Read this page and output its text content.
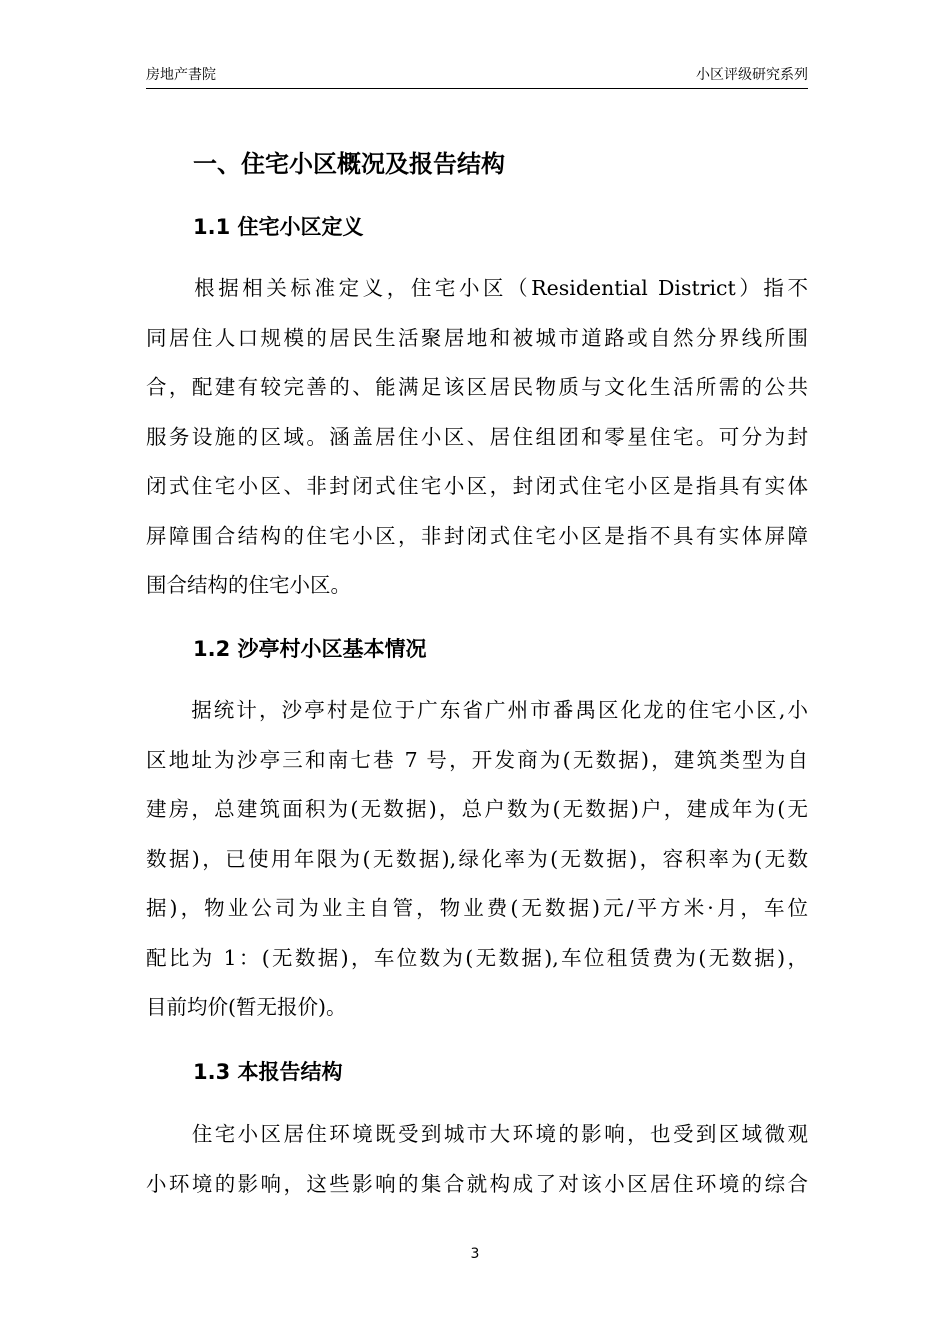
房地产書院	小区评级研究系列
一、住宅小区概况及报告结构
1.1 住宅小区定义
　　根据相关标准定义，住宅小区（Residential District）指不
同居住人口规模的居民生活聚居地和被城市道路或自然分界线所围
合，配建有较完善的、能满足该区居民物质与文化生活所需的公共
服务设施的区域。涵盖居住小区、居住组团和零星住宅。可分为封
闭式住宅小区、非封闭式住宅小区，封闭式住宅小区是指具有实体
屏障围合结构的住宅小区，非封闭式住宅小区是指不具有实体屏障
围合结构的住宅小区。
1.2 沙亭村小区基本情况
　　据统计，沙亭村是位于广东省广州市番禺区化龙的住宅小区,小
区地址为沙亭三和南七巷 7 号，开发商为(无数据)，建筑类型为自
建房，总建筑面积为(无数据)，总户数为(无数据)户，建成年为(无
数据)，已使用年限为(无数据),绿化率为(无数据)，容积率为(无数
据)，物业公司为业主自管，物业费(无数据)元/平方米·月，车位
配比为 1：(无数据)，车位数为(无数据),车位租赁费为(无数据)，
目前均价(暂无报价)。
1.3 本报告结构
　　住宅小区居住环境既受到城市大环境的影响，也受到区域微观
小环境的影响，这些影响的集合就构成了对该小区居住环境的综合
3
